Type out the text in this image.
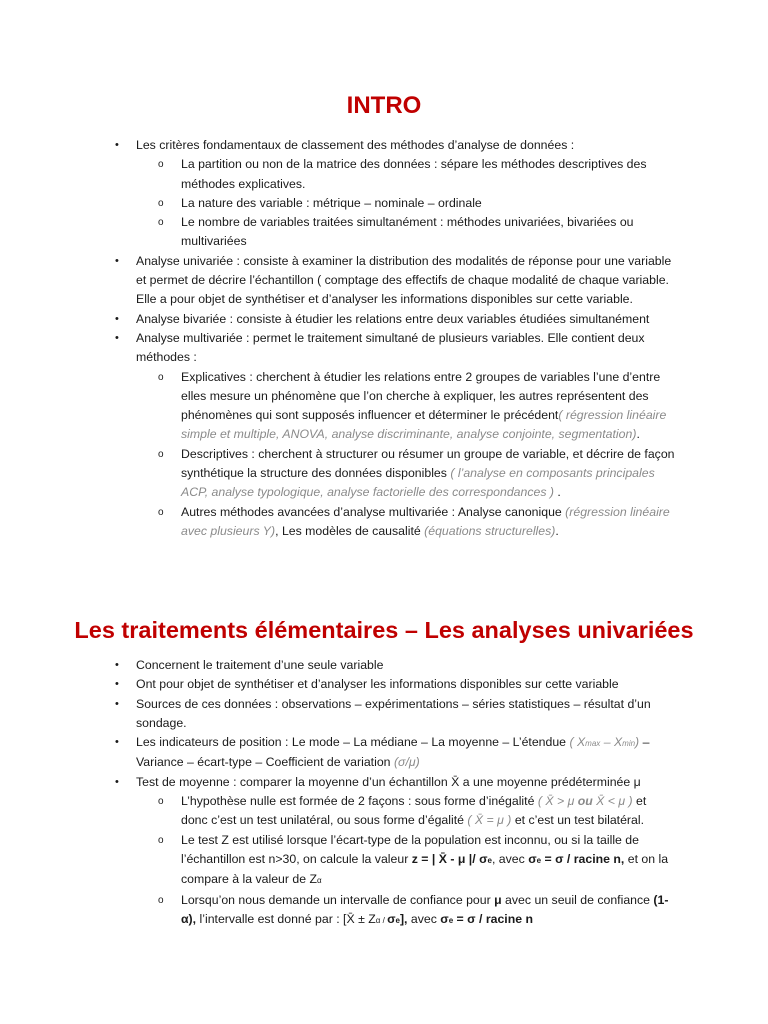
INTRO
• Les critères fondamentaux de classement des méthodes d’analyse de données :
o La partition ou non de la matrice des données : sépare les méthodes descriptives des méthodes explicatives.
o La nature des variable : métrique – nominale – ordinale
o Le nombre de variables traitées simultanément : méthodes univariées, bivariées ou multivariées
• Analyse univariée : consiste à examiner la distribution des modalités de réponse pour une variable et permet de décrire l’échantillon ( comptage des effectifs de chaque modalité de chaque variable. Elle a pour objet de synthétiser et d’analyser les informations disponibles sur cette variable.
• Analyse bivariée : consiste à étudier les relations entre deux variables étudiées simultanément
• Analyse multivariée : permet le traitement simultané de plusieurs variables. Elle contient deux méthodes :
o Explicatives : cherchent à étudier les relations entre 2 groupes de variables l’une d’entre elles mesure un phénomène que l’on cherche à expliquer, les autres représentent des phénomènes qui sont supposés influencer et déterminer le précédent( régression linéaire simple et multiple, ANOVA, analyse discriminante, analyse conjointe, segmentation).
o Descriptives : cherchent à structurer ou résumer un groupe de variable, et décrire de façon synthétique la structure des données disponibles ( l’analyse en composants principales ACP, analyse typologique, analyse factorielle des correspondances ) .
o Autres méthodes avancées d’analyse multivariée : Analyse canonique (régression linéaire avec plusieurs Y), Les modèles de causalité (équations structurelles).
Les traitements élémentaires – Les analyses univariées
• Concernent le traitement d’une seule variable
• Ont pour objet de synthétiser et d’analyser les informations disponibles sur cette variable
• Sources de ces données : observations – expérimentations – séries statistiques – résultat d’un sondage.
• Les indicateurs de position : Le mode – La médiane – La moyenne – L’étendue ( Xmax – Xmin) – Variance – écart-type – Coefficient de variation (σ/μ)
• Test de moyenne : comparer la moyenne d’un échantillon X̄ a une moyenne prédéterminée μ
o L’hypothèse nulle est formée de 2 façons : sous forme d’inégalité ( X̄ > μ ou X̄ < μ ) et donc c’est un test unilatéral, ou sous forme d’égalité ( X̄ = μ ) et c’est un test bilatéral.
o Le test Z est utilisé lorsque l’écart-type de la population est inconnu, ou si la taille de l’échantillon est n>30, on calcule la valeur z = | X̄ - μ |/ σe, avec σe = σ / racine n, et on la compare à la valeur de Zα
o Lorsqu’on nous demande un intervalle de confiance pour μ avec un seuil de confiance (1- α), l’intervalle est donné par : [X̄ ± Zα / σe], avec σe = σ / racine n
